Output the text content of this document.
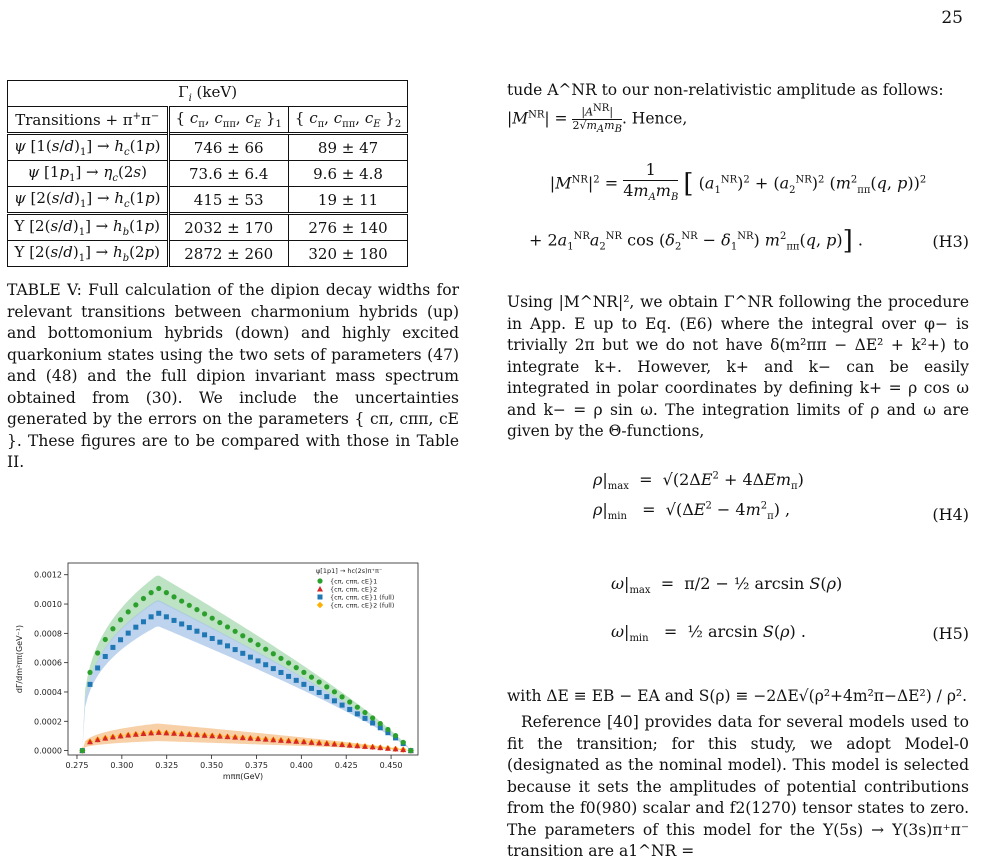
25
$\Gamma_i$ (keV)		
Transitions + π+π−	{ $c_\pi$, $c_{\pi\pi}$, $c_E$ }$_1$	{ $c_\pi$, $c_{\pi\pi}$, $c_E$ }$_2$
ψ $[1(s/d)_1] \to h_c(1p)$	746 ± 66	89 ± 47
ψ $[1p_1] \to \eta_c(2s)$	73.6 ± 6.4	9.6 ± 4.8
ψ $[2(s/d)_1] \to h_c(1p)$	415 ± 53	19 ± 11
Υ $[2(s/d)_1] \to h_b(1p)$	2032 ± 170	276 ± 140
Υ $[2(s/d)_1] \to h_b(2p)$	2872 ± 260	320 ± 180
TABLE V: Full calculation of the dipion decay widths for relevant transitions between charmonium hybrids (up) and bottomonium hybrids (down) and highly excited quarkonium states using the two sets of parameters (47) and (48) and the full dipion invariant mass spectrum obtained from (30). We include the uncertainties generated by the errors on the parameters { cπ, cππ, cE }. These figures are to be compared with those in Table II.
0.275	0.300	0.325	0.350	0.375	0.400	0.425	0.450
0.0000
0.0002
0.0004
0.0006
0.0008
0.0010
0.0012
mππ(GeV)
dΓ/dm²ππ(GeV⁻¹)
ψ[1p1] → hc(2s)π⁺π⁻
{cπ, cππ, cE}1
{cπ, cππ, cE}2
{cπ, cππ, cE}1 (full)
{cπ, cππ, cE}2 (full)
tude A^NR to our non-relativistic amplitude as follows:
$|M^{NR}| = |A^{NR}|$
$2√m_Am_B$. Hence,
$|M^{NR}|^2$ =
1
$4m_Am_B$ [ $(a_1^{NR})^2 + (a_2^{NR})^2$ ($m^2_{\pi\pi}(q$, p))$^2$
+ $2a_1^{NR}a_2^{NR}$ $\cos (\delta_2^{NR} - \delta_1^{NR})$ $m^2_{\pi\pi}(q$, p)] .	(H3)
Using |M^NR|², we obtain Γ^NR following the procedure in App. E up to Eq. (E6) where the integral over φ− is trivially 2π but we do not have δ(m²ππ − ΔE² + k²+) to integrate k+. However, k+ and k− can be easily integrated in polar coordinates by defining k+ = ρ cos ω and k− = ρ sin ω. The integration limits of ρ and ω are given by the Θ-functions,
$\rho|_{max} = √(2\Delta E^2 + 4\Delta Em_\pi)$
$\rho|_{min} = √(\Delta E^2 - 4m^2_\pi)$ ,	(H4)
$\omega|_{max} = \pi/2$ − ½ arcsin S(ρ)
$\omega|_{min}$   =  ½ arcsin S(ρ) .	(H5)
with ΔE ≡ EB − EA and S(ρ) ≡ −2ΔE√(ρ²+4m²π−ΔE²) / ρ².
Reference [40] provides data for several models used to fit the transition; for this study, we adopt Model-0 (designated as the nominal model). This model is selected because it sets the amplitudes of potential contributions from the f0(980) scalar and f2(1270) tensor states to zero. The parameters of this model for the Υ(5s) → Υ(3s)π⁺π⁻ transition are a1^NR =
